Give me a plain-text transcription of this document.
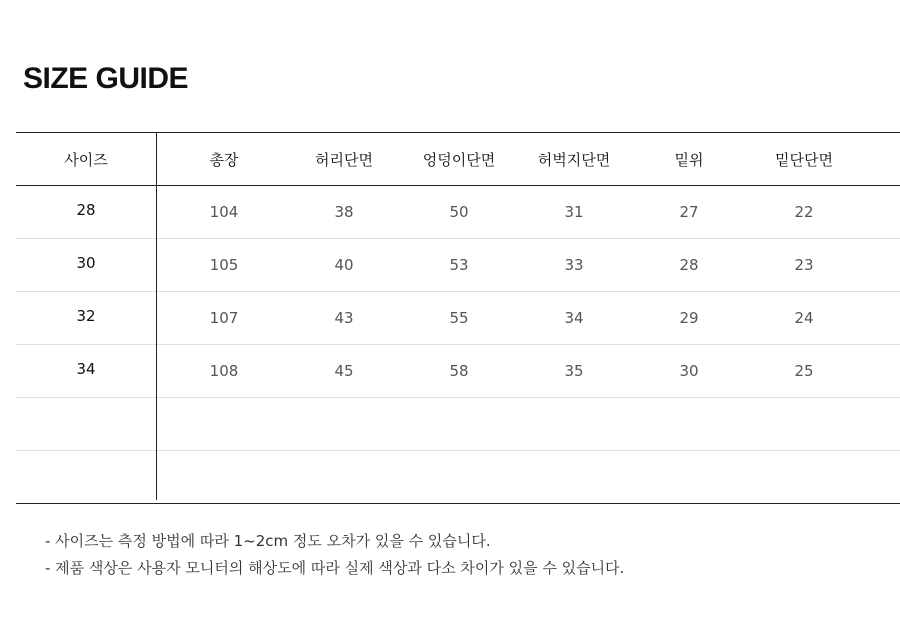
SIZE GUIDE
사이즈	총장	허리단면	엉덩이단면	허벅지단면	밑위	밑단단면
28	104	38	50	31	27	22
30	105	40	53	33	28	23
32	107	43	55	34	29	24
34	108	45	58	35	30	25
- 사이즈는 측정 방법에 따라 1~2cm 정도 오차가 있을 수 있습니다.
- 제품 색상은 사용자 모니터의 해상도에 따라 실제 색상과 다소 차이가 있을 수 있습니다.
